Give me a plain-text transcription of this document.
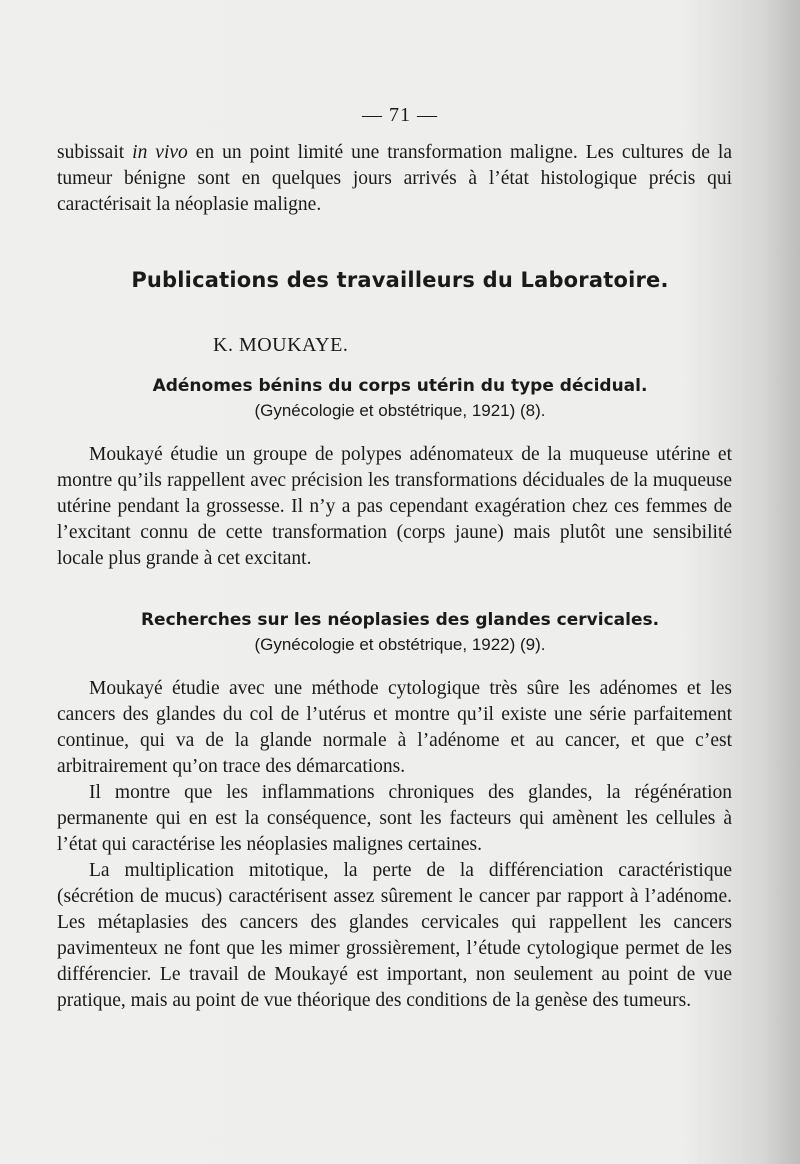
— 71 —

subissait in vivo en un point limité une transformation maligne. Les cultures de la tumeur bénigne sont en quelques jours arrivés à l’état histologique précis qui caractérisait la néoplasie maligne.

Publications des travailleurs du Laboratoire.
K. MOUKAYE.
Adénomes bénins du corps utérin du type décidual.
(Gynécologie et obstétrique, 1921) (8).

Moukayé étudie un groupe de polypes adénomateux de la muqueuse utérine et montre qu’ils rappellent avec précision les transformations déciduales de la muqueuse utérine pendant la grossesse. Il n’y a pas cependant exagération chez ces femmes de l’excitant connu de cette transformation (corps jaune) mais plutôt une sensibilité locale plus grande à cet excitant.

Recherches sur les néoplasies des glandes cervicales.
(Gynécologie et obstétrique, 1922) (9).

Moukayé étudie avec une méthode cytologique très sûre les adénomes et les cancers des glandes du col de l’utérus et montre qu’il existe une série parfaitement continue, qui va de la glande normale à l’adénome et au cancer, et que c’est arbitrairement qu’on trace des démarcations.

Il montre que les inflammations chroniques des glandes, la régénération permanente qui en est la conséquence, sont les facteurs qui amènent les cellules à l’état qui caractérise les néoplasies malignes certaines.

La multiplication mitotique, la perte de la différenciation caractéristique (sécrétion de mucus) caractérisent assez sûrement le cancer par rapport à l’adénome. Les métaplasies des cancers des glandes cervicales qui rappellent les cancers pavimenteux ne font que les mimer grossièrement, l’étude cytologique permet de les différencier. Le travail de Moukayé est important, non seulement au point de vue pratique, mais au point de vue théorique des conditions de la genèse des tumeurs.
